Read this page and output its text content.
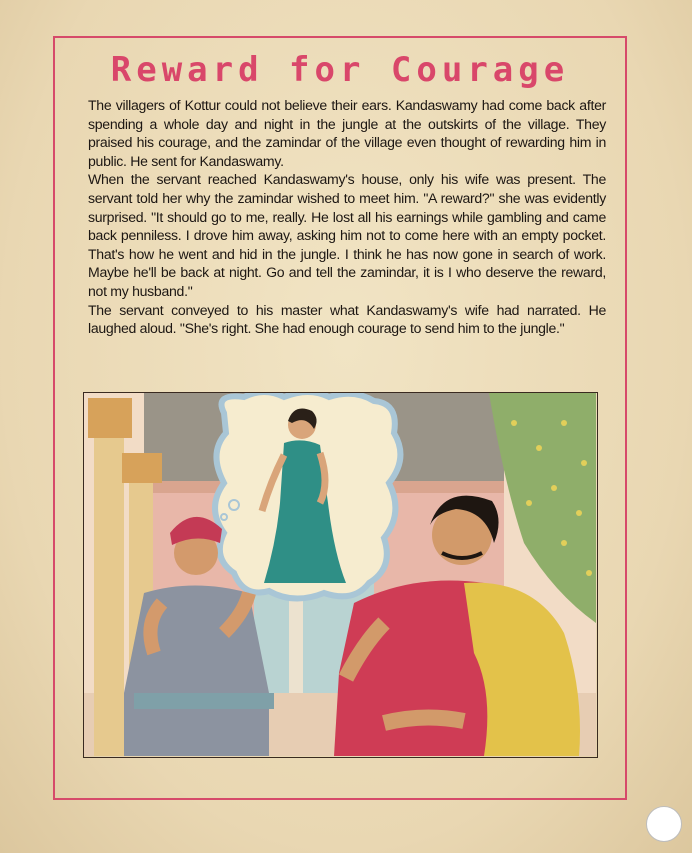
Reward for Courage

The villagers of Kottur could not believe their ears. Kandaswamy had come back after spending a whole day and night in the jungle at the outskirts of the village. They praised his courage, and the zamindar of the village even thought of rewarding him in public. He sent for Kandaswamy.

When the servant reached Kandaswamy's house, only his wife was present. The servant told her why the zamindar wished to meet him. "A reward?" she was evidently surprised. "It should go to me, really. He lost all his earnings while gambling and came back penniless. I drove him away, asking him not to come here with an empty pocket. That's how he went and hid in the jungle. I think he has now gone in search of work. Maybe he'll be back at night. Go and tell the zamindar, it is I who deserve the reward, not my husband."

The servant conveyed to his master what Kandaswamy's wife had narrated. He laughed aloud. "She's right. She had enough courage to send him to the jungle."
